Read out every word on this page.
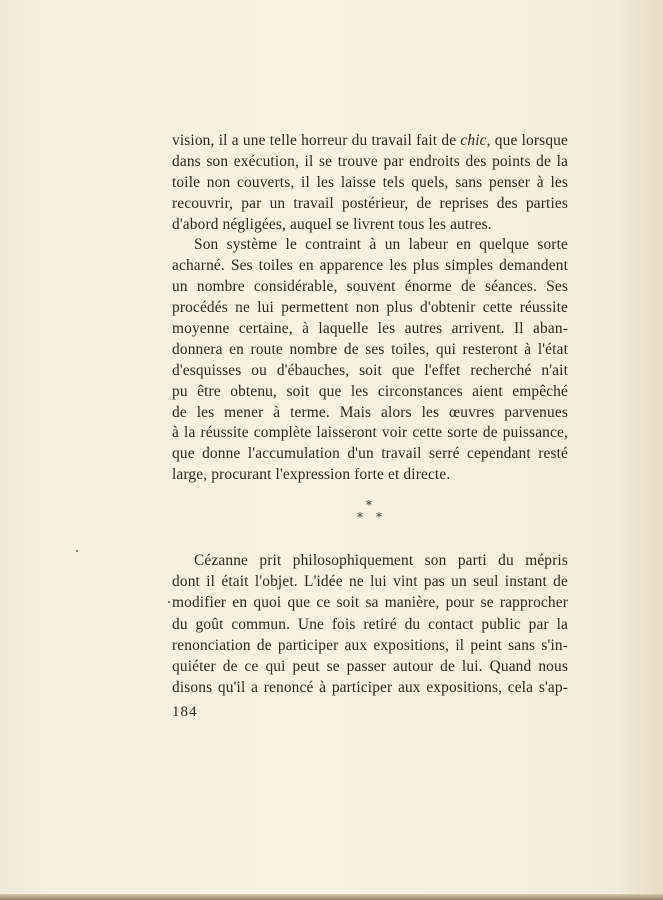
vision, il a une telle horreur du travail fait de chic, que lorsque
dans son exécution, il se trouve par endroits des points de la
toile non couverts, il les laisse tels quels, sans penser à les
recouvrir, par un travail postérieur, de reprises des parties
d'abord négligées, auquel se livrent tous les autres.
Son système le contraint à un labeur en quelque sorte
acharné. Ses toiles en apparence les plus simples demandent
un nombre considérable, souvent énorme de séances. Ses
procédés ne lui permettent non plus d'obtenir cette réussite
moyenne certaine, à laquelle les autres arrivent. Il aban-
donnera en route nombre de ses toiles, qui resteront à l'état
d'esquisses ou d'ébauches, soit que l'effet recherché n'ait
pu être obtenu, soit que les circonstances aient empêché
de les mener à terme. Mais alors les œuvres parvenues
à la réussite complète laisseront voir cette sorte de puissance,
que donne l'accumulation d'un travail serré cependant resté
large, procurant l'expression forte et directe.
*
* *
Cézanne prit philosophiquement son parti du mépris
dont il était l'objet. L'idée ne lui vint pas un seul instant de
modifier en quoi que ce soit sa manière, pour se rapprocher
du goût commun. Une fois retiré du contact public par la
renonciation de participer aux expositions, il peint sans s'in-
quiéter de ce qui peut se passer autour de lui. Quand nous
disons qu'il a renoncé à participer aux expositions, cela s'ap-
184
